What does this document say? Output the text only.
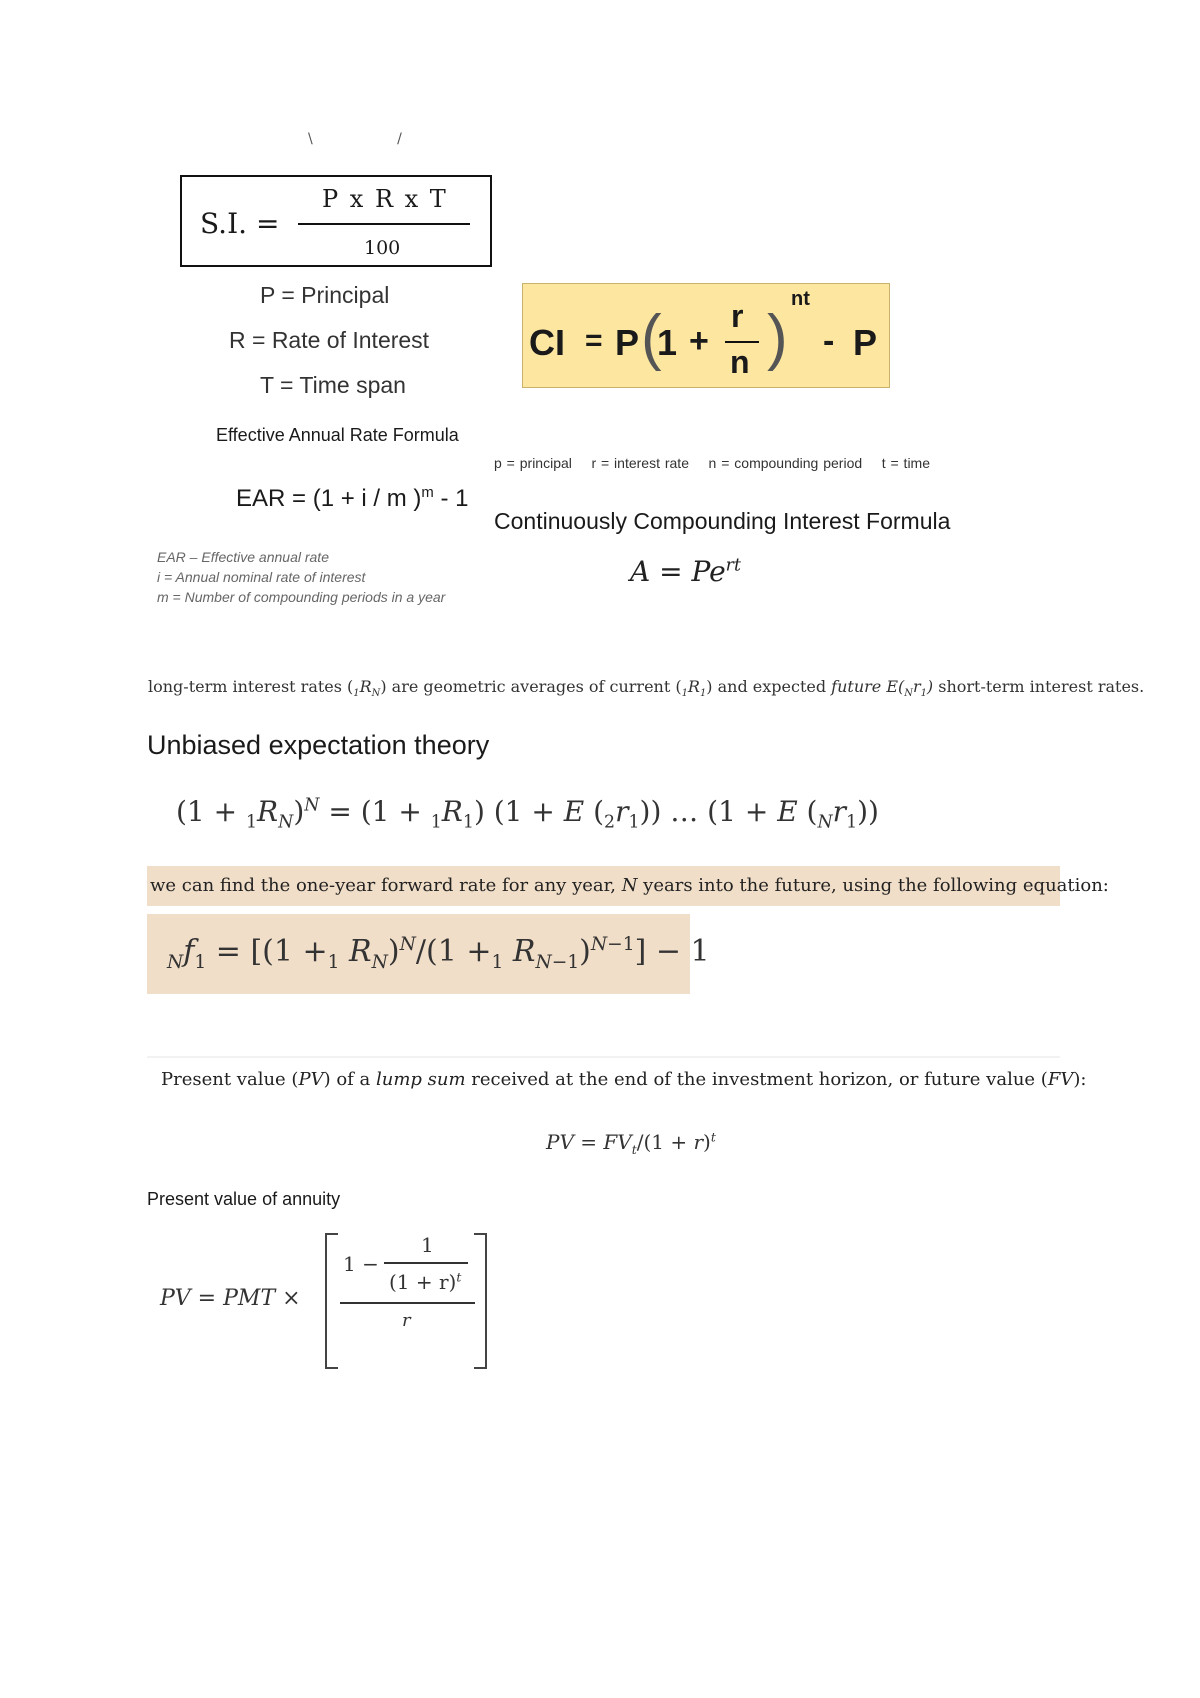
\ /
S.I. =
P x R x T
100
P = Principal
R = Rate of Interest
T = Time span
CI = P (
1 +
r
n )
nt
- P
p = principal    r = interest rate    n = compounding period    t = time
Continuously Compounding Interest Formula
$A = Pe^{rt}$
Effective Annual Rate Formula
EAR = (1 + i / m )$^m$ - 1
EAR – Effective annual rate
i = Annual nominal rate of interest
m = Number of compounding periods in a year
long-term interest rates $(_1R_N)$ are geometric averages of current $(_1R_1)$ and expected future $E(_Nr_1)$ short-term interest rates.
Unbiased expectation theory
$(1 + _1R_N)^N = (1 + _1R_1)$ (1 + E $(_2r_1)$) … (1 + E $(_Nr_1)$)
we can find the one-year forward rate for any year, N years into the future, using the following equation:
$_Nf_1 = [(1 +_1$ $R_N)^N/(1 +_1$ $R_{N-1})^{N-1}] - 1$
Present value (PV) of a lump sum received at the end of the investment horizon, or future value (FV):
PV = $FV_t/(1 + r)^t$
Present value of annuity
PV = PMT ×
1 −
1
$(1 + r)^t$
r
